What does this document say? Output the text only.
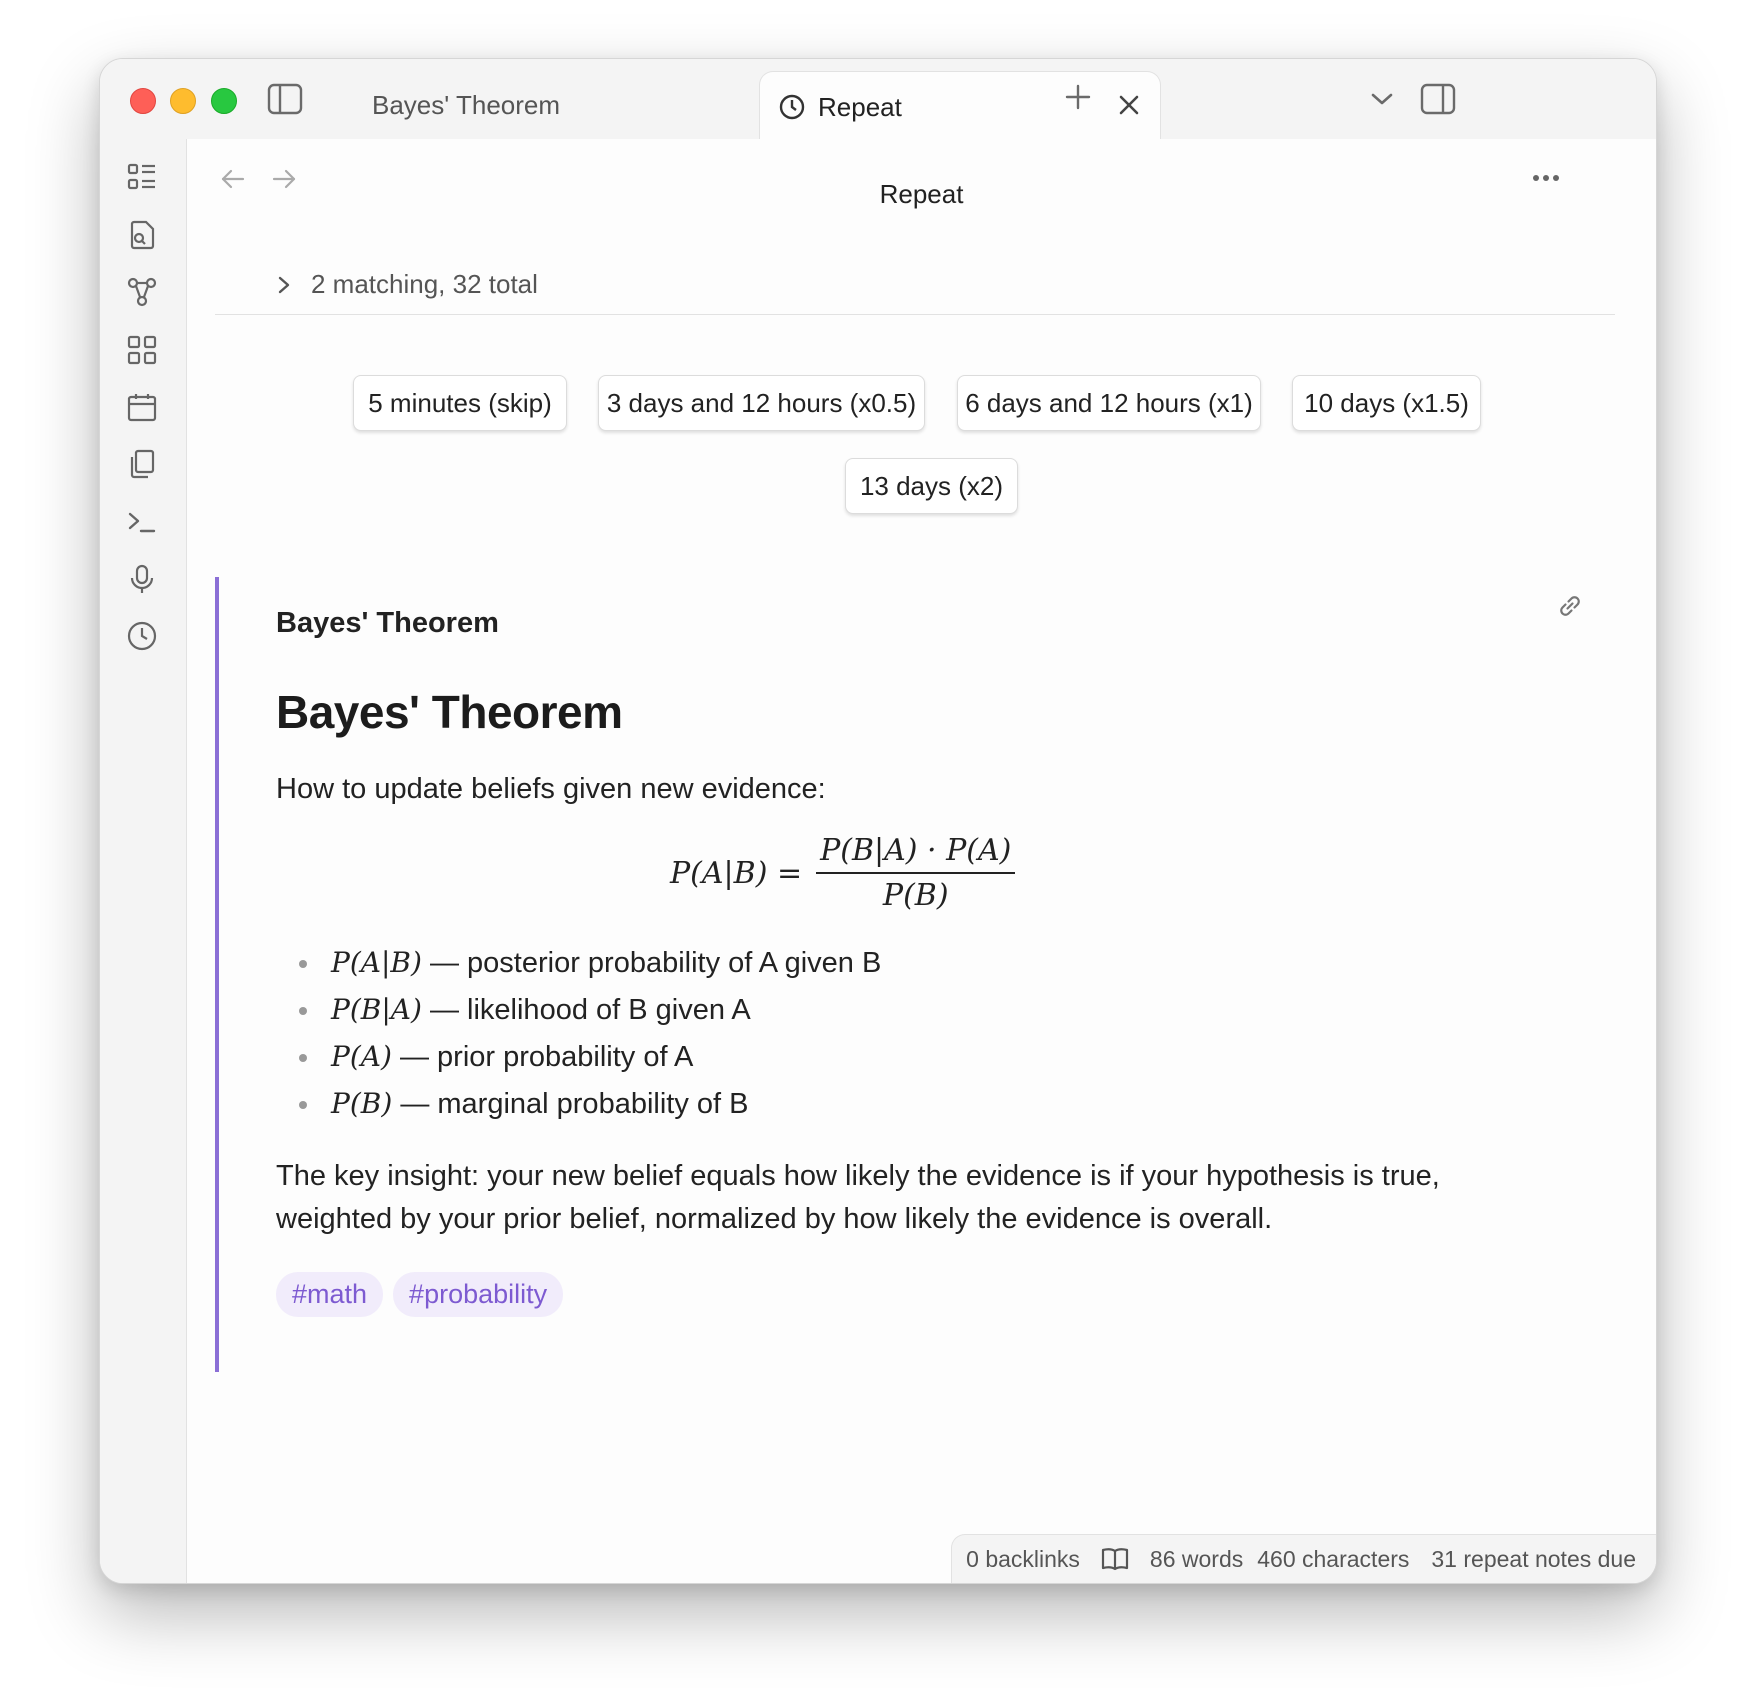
Bayes' Theorem	Repeat
Repeat
2 matching, 32 total
5 minutes (skip)	3 days and 12 hours (x0.5)	6 days and 12 hours (x1)	10 days (x1.5)
13 days (x2)
Bayes' Theorem
Bayes' Theorem
How to update beliefs given new evidence:
$P(A|B) = \frac{P(B|A) \cdot P(A)}{P(B)}$
P(A|B) — posterior probability of A given B
P(B|A) — likelihood of B given A
P(A) — prior probability of A
P(B) — marginal probability of B
The key insight: your new belief equals how likely the evidence is if your hypothesis is true, weighted by your prior belief, normalized by how likely the evidence is overall.
#math	#probability
0 backlinks	86 words 460 characters 31 repeat notes due
